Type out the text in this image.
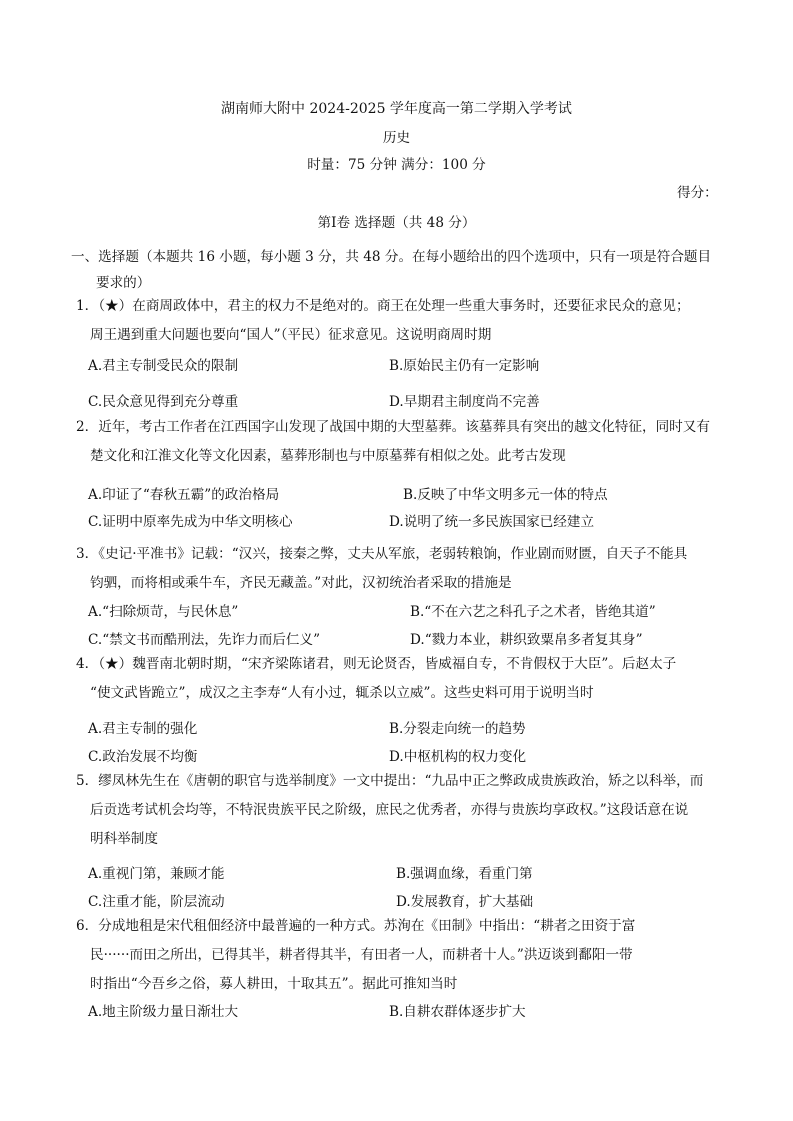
湖南师大附中 2024-2025 学年度高一第二学期入学考试
历史
时量：75 分钟 满分：100 分
得分：
第Ⅰ卷 选择题（共 48 分）
一、选择题（本题共 16 小题，每小题 3 分，共 48 分。在每小题给出的四个选项中，只有一项是符合题目
要求的）
1．（★）在商周政体中，君主的权力不是绝对的。商王在处理一些重大事务时，还要征求民众的意见；
周王遇到重大问题也要向“国人”（平民）征求意见。这说明商周时期
A.君主专制受民众的限制	B.原始民主仍有一定影响
C.民众意见得到充分尊重	D.早期君主制度尚不完善
2．近年，考古工作者在江西国字山发现了战国中期的大型墓葬。该墓葬具有突出的越文化特征，同时又有
楚文化和江淮文化等文化因素，墓葬形制也与中原墓葬有相似之处。此考古发现
A.印证了“春秋五霸”的政治格局	B.反映了中华文明多元一体的特点
C.证明中原率先成为中华文明核心	D.说明了统一多民族国家已经建立
3．《史记·平准书》记载：“汉兴，接秦之弊，丈夫从军旅，老弱转粮饷，作业剧而财匮，自天子不能具
钧驷，而将相或乘牛车，齐民无藏盖。”对此，汉初统治者采取的措施是
A.“扫除烦苛，与民休息”	B.“不在六艺之科孔子之术者，皆绝其道”
C.“禁文书而酷刑法，先诈力而后仁义”	D.“戮力本业，耕织致粟帛多者复其身”
4．（★）魏晋南北朝时期，“宋齐梁陈诸君，则无论贤否，皆威福自专，不肯假权于大臣”。后赵太子
“使文武皆跪立”，成汉之主李寿“人有小过，辄杀以立威”。这些史料可用于说明当时
A.君主专制的强化	B.分裂走向统一的趋势
C.政治发展不均衡	D.中枢机构的权力变化
5．缪凤林先生在《唐朝的职官与选举制度》一文中提出：“九品中正之弊政成贵族政治，矫之以科举，而
后贡选考试机会均等，不特泯贵族平民之阶级，庶民之优秀者，亦得与贵族均享政权。”这段话意在说
明科举制度
A.重视门第，兼顾才能	B.强调血缘，看重门第
C.注重才能，阶层流动	D.发展教育，扩大基础
6．分成地租是宋代租佃经济中最普遍的一种方式。苏洵在《田制》中指出：“耕者之田资于富
民······而田之所出，已得其半，耕者得其半，有田者一人，而耕者十人。”洪迈谈到鄱阳一带
时指出“今吾乡之俗，募人耕田，十取其五”。据此可推知当时
A.地主阶级力量日渐壮大	B.自耕农群体逐步扩大
